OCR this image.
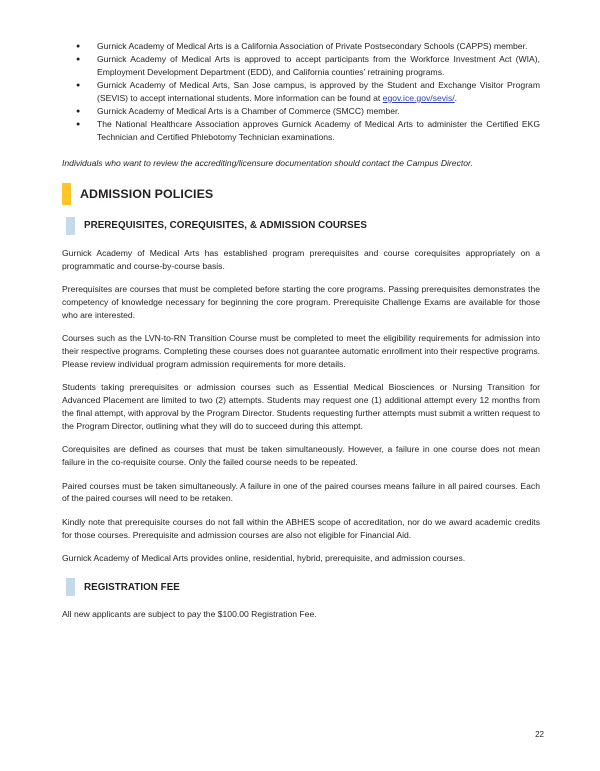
● Gurnick Academy of Medical Arts is a California Association of Private Postsecondary Schools (CAPPS) member.
● Gurnick Academy of Medical Arts is approved to accept participants from the Workforce Investment Act (WIA), Employment Development Department (EDD), and California counties’ retraining programs.
● Gurnick Academy of Medical Arts, San Jose campus, is approved by the Student and Exchange Visitor Program (SEVIS) to accept international students. More information can be found at egov.ice.gov/sevis/.
● Gurnick Academy of Medical Arts is a Chamber of Commerce (SMCC) member.
● The National Healthcare Association approves Gurnick Academy of Medical Arts to administer the Certified EKG Technician and Certified Phlebotomy Technician examinations.

Individuals who want to review the accrediting/licensure documentation should contact the Campus Director.

ADMISSION POLICIES
PREREQUISITES, COREQUISITES, & ADMISSION COURSES

Gurnick Academy of Medical Arts has established program prerequisites and course corequisites appropriately on a programmatic and course-by-course basis.

Prerequisites are courses that must be completed before starting the core programs. Passing prerequisites demonstrates the competency of knowledge necessary for beginning the core program. Prerequisite Challenge Exams are available for those who are interested.

Courses such as the LVN-to-RN Transition Course must be completed to meet the eligibility requirements for admission into their respective programs. Completing these courses does not guarantee automatic enrollment into their respective programs. Please review individual program admission requirements for more details.

Students taking prerequisites or admission courses such as Essential Medical Biosciences or Nursing Transition for Advanced Placement are limited to two (2) attempts. Students may request one (1) additional attempt every 12 months from the final attempt, with approval by the Program Director. Students requesting further attempts must submit a written request to the Program Director, outlining what they will do to succeed during this attempt.

Corequisites are defined as courses that must be taken simultaneously. However, a failure in one course does not mean failure in the co-requisite course. Only the failed course needs to be repeated.

Paired courses must be taken simultaneously. A failure in one of the paired courses means failure in all paired courses. Each of the paired courses will need to be retaken.

Kindly note that prerequisite courses do not fall within the ABHES scope of accreditation, nor do we award academic credits for those courses. Prerequisite and admission courses are also not eligible for Financial Aid.

Gurnick Academy of Medical Arts provides online, residential, hybrid, prerequisite, and admission courses.

REGISTRATION FEE

All new applicants are subject to pay the $100.00 Registration Fee.

22
